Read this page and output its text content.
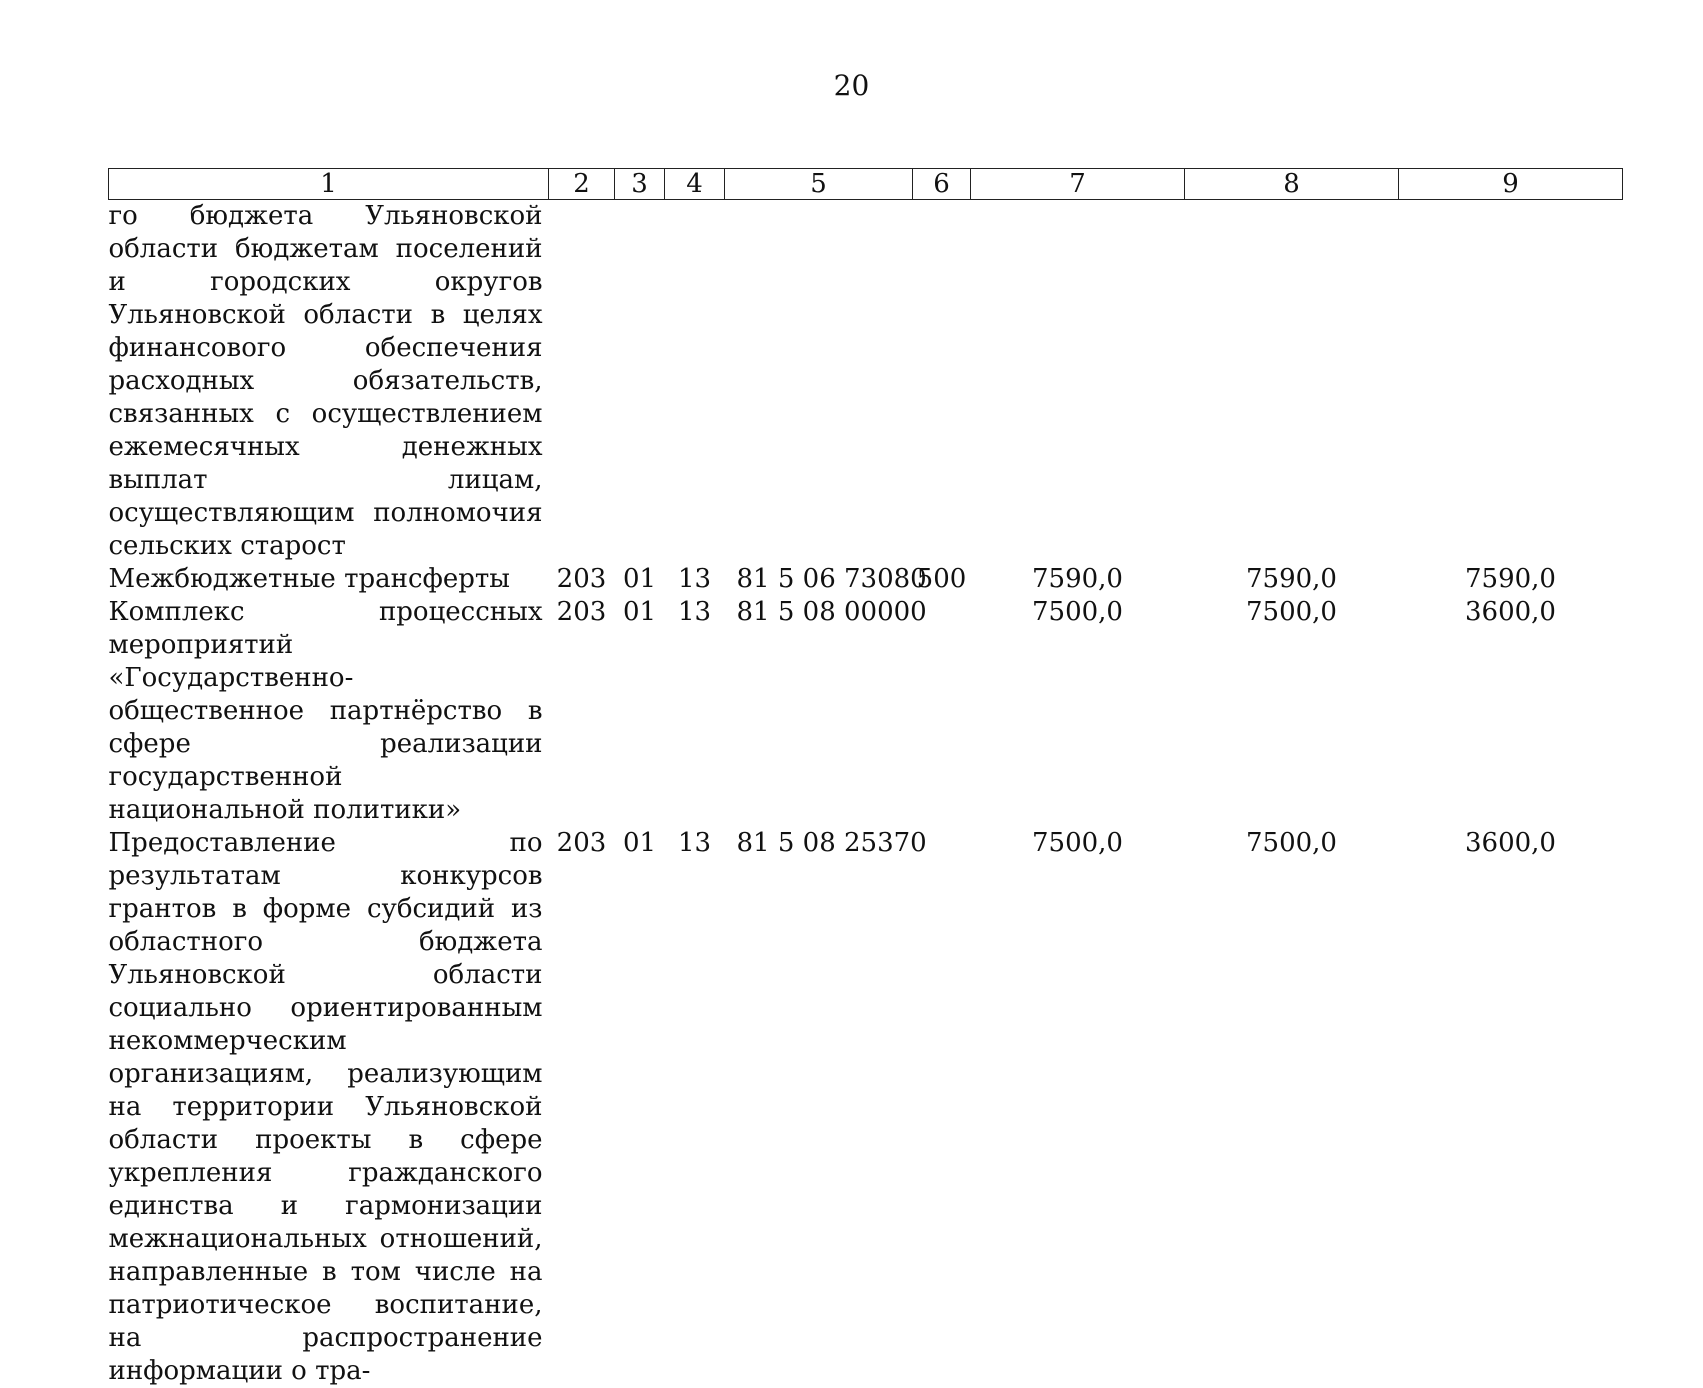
20
1	2	3	4	5	6	7	8	9
го бюджета Ульяновской области бюджетам поселений и городских округов Ульяновской области в целях финансового обеспечения расходных обязательств, связанных с осуществлением ежемесячных денежных выплат лицам, осуществляющим полномочия сельских старост								
Межбюджетные трансферты	203	01	13	81 5 06 73080	500	7590,0	7590,0	7590,0
Комплекс процессных мероприятий «Государственно-общественное партнёрство в сфере реализации государственной национальной политики»	203	01	13	81 5 08 00000		7500,0	7500,0	3600,0
Предоставление по результатам конкурсов грантов в форме субсидий из областного бюджета Ульяновской области социально ориентированным некоммерческим организациям, реализующим на территории Ульяновской области проекты в сфере укрепления гражданского единства и гармонизации межнациональных отношений, направленные в том числе на патриотическое воспитание, на распространение информации о тра-	203	01	13	81 5 08 25370		7500,0	7500,0	3600,0
